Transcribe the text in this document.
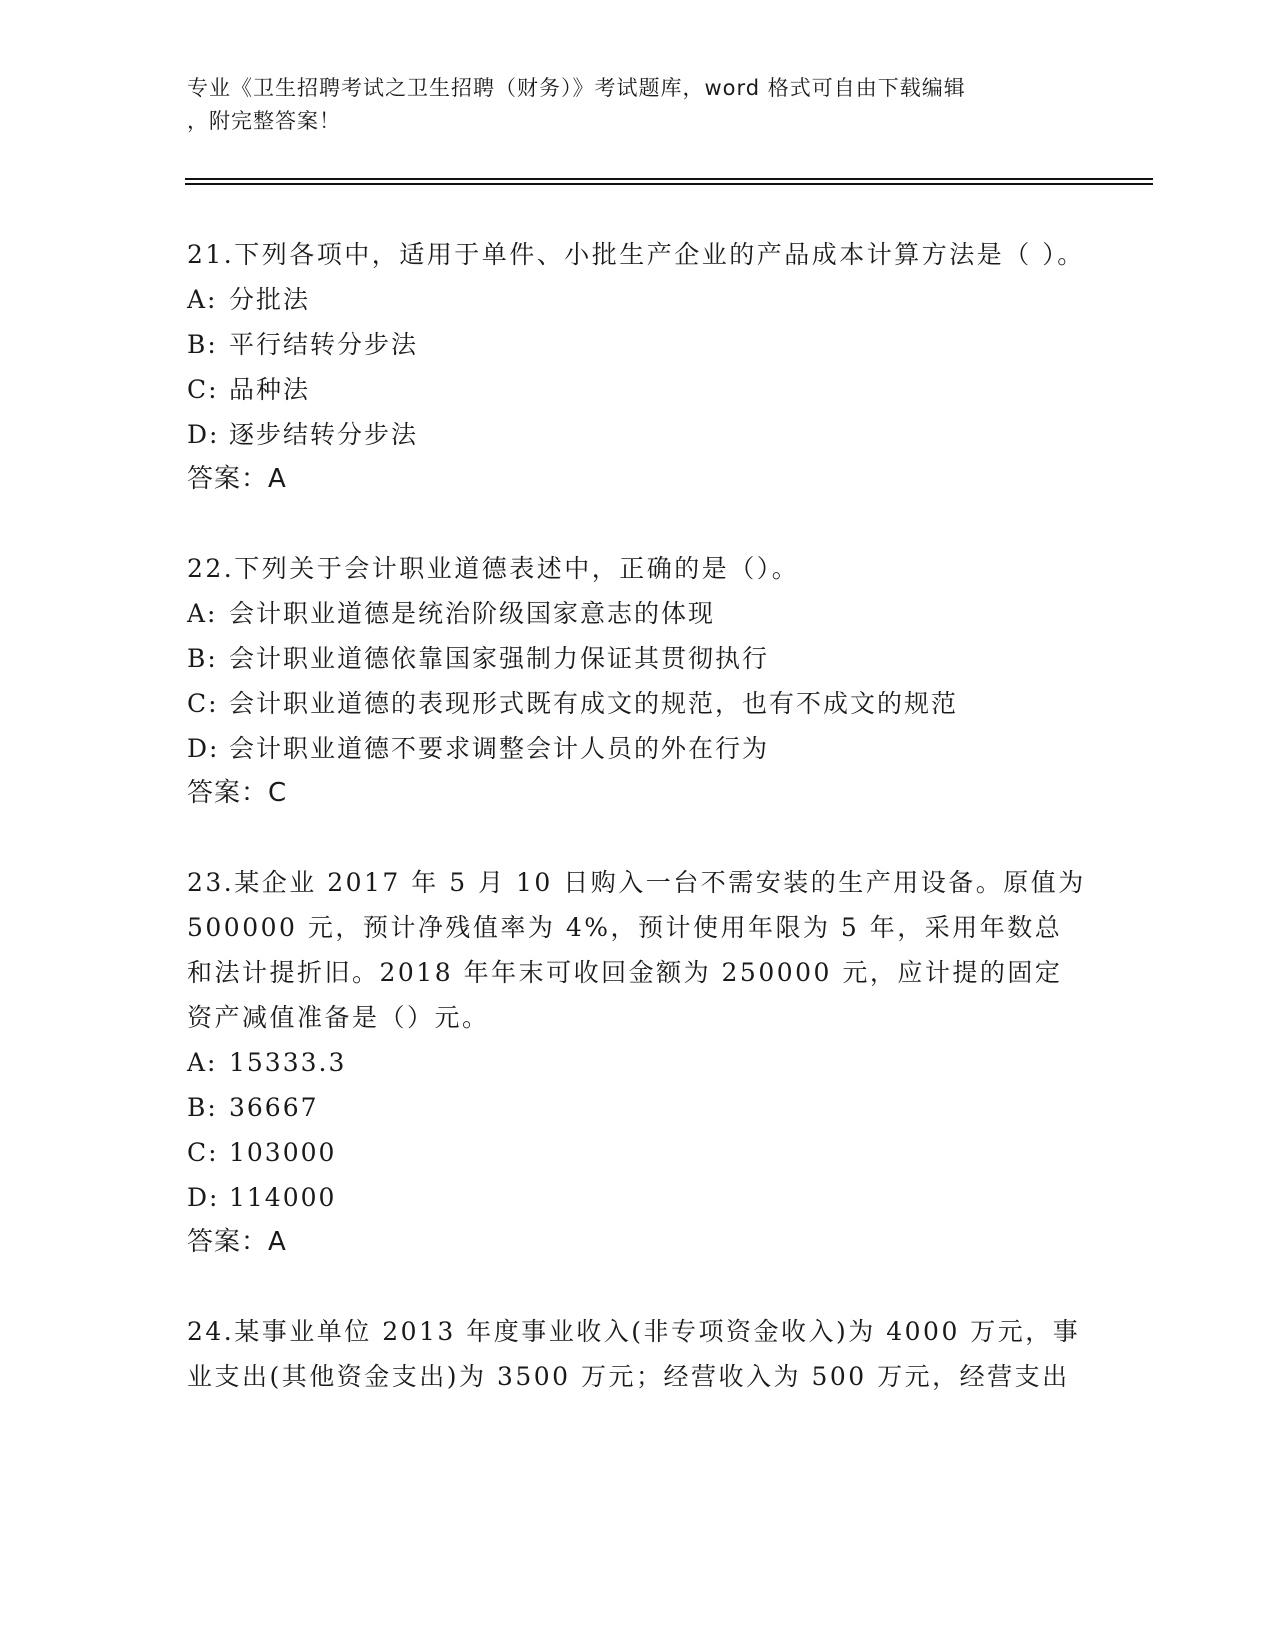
专业《卫生招聘考试之卫生招聘（财务）》考试题库，word 格式可自由下载编辑
，附完整答案！

21.下列各项中，适用于单件、小批生产企业的产品成本计算方法是（ ）。

A: 分批法

B: 平行结转分步法

C: 品种法

D: 逐步结转分步法

答案：A

22.下列关于会计职业道德表述中，正确的是（）。

A: 会计职业道德是统治阶级国家意志的体现

B: 会计职业道德依靠国家强制力保证其贯彻执行

C: 会计职业道德的表现形式既有成文的规范，也有不成文的规范

D: 会计职业道德不要求调整会计人员的外在行为

答案：C

23.某企业 2017 年 5 月 10 日购入一台不需安装的生产用设备。原值为 500000 元，预计净残值率为 4%，预计使用年限为 5 年，采用年数总和法计提折旧。2018 年年末可收回金额为 250000 元，应计提的固定资产减值准备是（）元。

A: 15333.3

B: 36667

C: 103000

D: 114000

答案：A

24.某事业单位 2013 年度事业收入(非专项资金收入)为 4000 万元，事业支出(其他资金支出)为 3500 万元；经营收入为 500 万元，经营支出
